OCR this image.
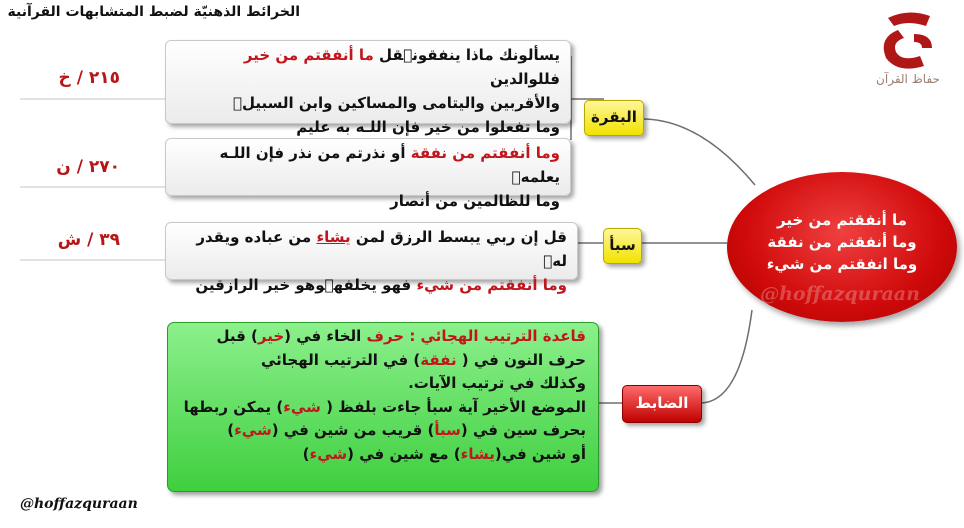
الخرائط الذهنيّة لضبط المتشابهات القرآنية
حفاظ القرآن
البقرة
سبأ
الضابط
٢١٥ / خ
٢٧٠ / ن
٣٩ / ش
يسألونك ماذا ينفقونقل ما أنفقتم من خير فللوالدين
والأقربين واليتامى والمساكين وابن السبيل
وما تفعلوا من خير فإن اللـه به عليم
وما أنفقتم من نفقة أو نذرتم من نذر فإن اللـه يعلمه
وما للظالمين من أنصار
قل إن ربي يبسط الرزق لمن يشاء من عباده ويقدر له
وما أنفقتم من شيء فهو يخلفهوهو خير الرازقين
ما أنفقتم من خير
وما أنفقتم من نفقة
وما انفقتم من شيء
@hoffazquraan
قاعدة الترتيب الهجائي : حرف الخاء في (خير) قبل
حرف النون في ( نفقة) في الترتيب الهجائي
وكذلك في ترتيب الآيات.
الموضع الأخير آية سبأ جاءت بلفظ ( شيء) يمكن ربطها
بحرف سين في (سبأ) قريب من شين في (شيء)
أو شين في(يشاء) مع شين في (شيء)
@hoffazquraan
